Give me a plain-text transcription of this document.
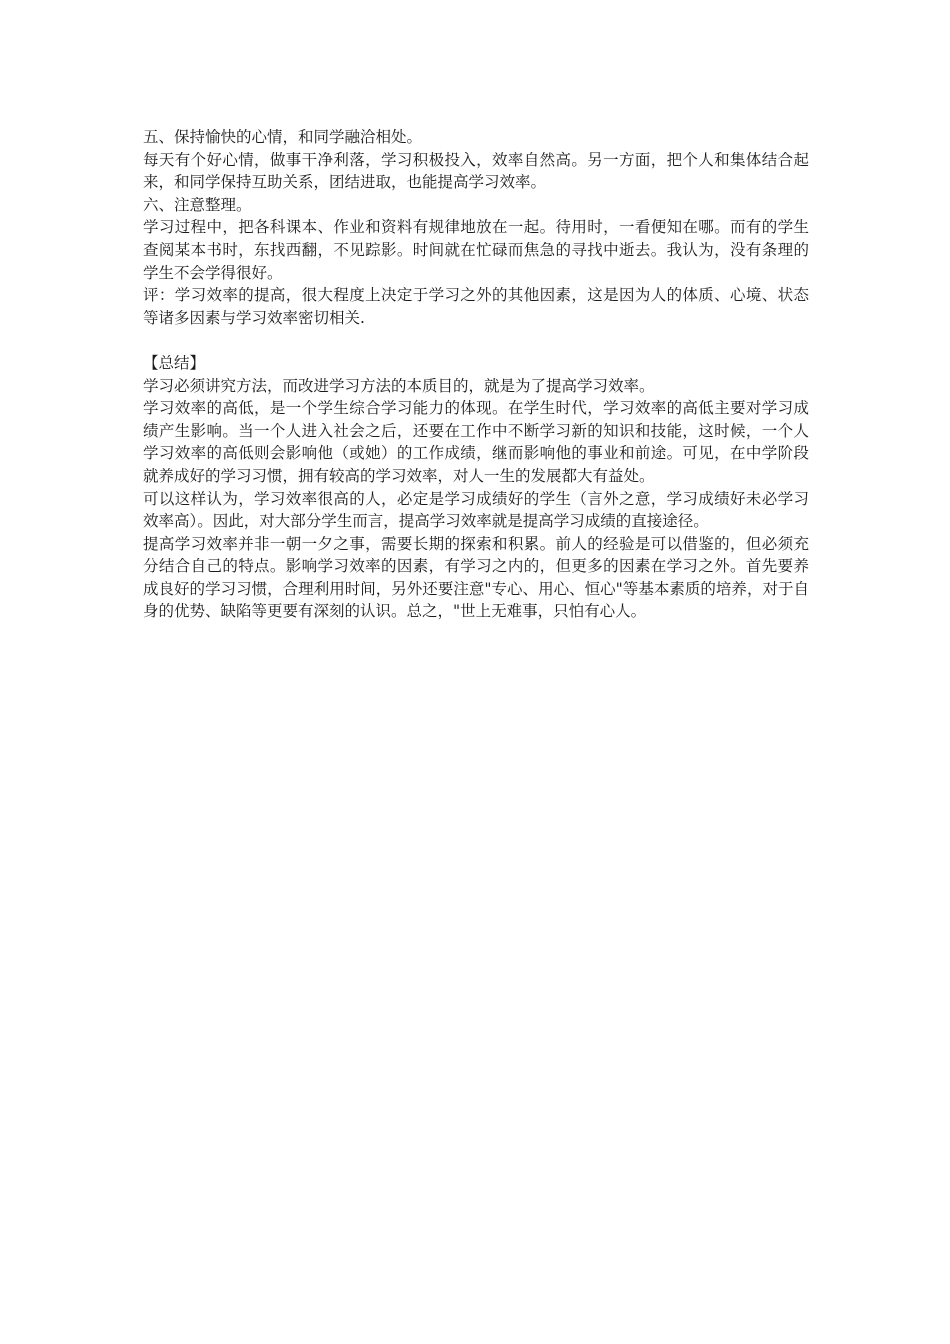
五、保持愉快的心情，和同学融洽相处。

每天有个好心情，做事干净利落，学习积极投入，效率自然高。另一方面，把个人和集体结合起来，和同学保持互助关系，团结进取，也能提高学习效率。

六、注意整理。

学习过程中，把各科课本、作业和资料有规律地放在一起。待用时，一看便知在哪。而有的学生查阅某本书时，东找西翻，不见踪影。时间就在忙碌而焦急的寻找中逝去。我认为，没有条理的学生不会学得很好。

评：学习效率的提高，很大程度上决定于学习之外的其他因素，这是因为人的体质、心境、状态等诸多因素与学习效率密切相关.

【总结】

学习必须讲究方法，而改进学习方法的本质目的，就是为了提高学习效率。

学习效率的高低，是一个学生综合学习能力的体现。在学生时代，学习效率的高低主要对学习成绩产生影响。当一个人进入社会之后，还要在工作中不断学习新的知识和技能，这时候，一个人学习效率的高低则会影响他（或她）的工作成绩，继而影响他的事业和前途。可见，在中学阶段就养成好的学习习惯，拥有较高的学习效率，对人一生的发展都大有益处。

可以这样认为，学习效率很高的人，必定是学习成绩好的学生（言外之意，学习成绩好未必学习效率高）。因此，对大部分学生而言，提高学习效率就是提高学习成绩的直接途径。

提高学习效率并非一朝一夕之事，需要长期的探索和积累。前人的经验是可以借鉴的，但必须充分结合自己的特点。影响学习效率的因素，有学习之内的，但更多的因素在学习之外。首先要养成良好的学习习惯，合理利用时间，另外还要注意"专心、用心、恒心"等基本素质的培养，对于自身的优势、缺陷等更要有深刻的认识。总之，"世上无难事，只怕有心人。
